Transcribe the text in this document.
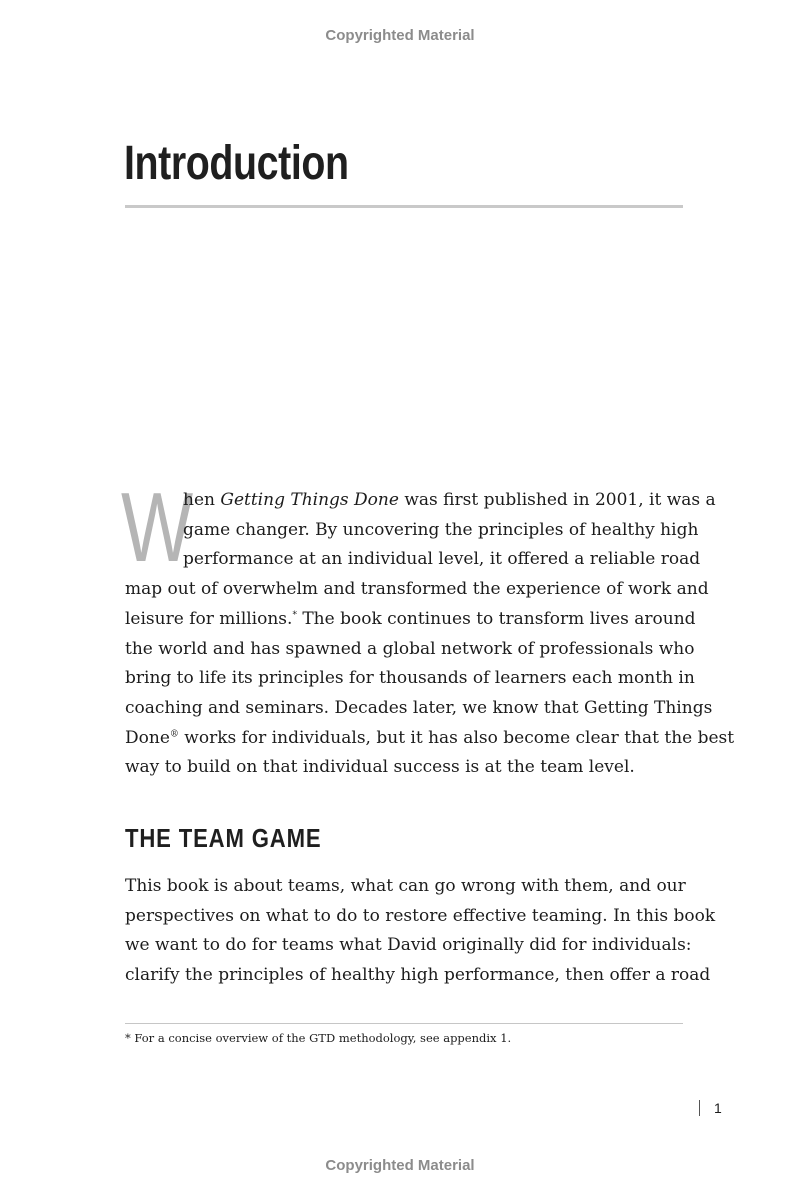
Copyrighted Material
Introduction
W

hen Getting Things Done was first published in 2001, it was a
game changer. By uncovering the principles of healthy high
performance at an individual level, it offered a reliable road
map out of overwhelm and transformed the experience of work and
leisure for millions.* The book continues to transform lives around
the world and has spawned a global network of professionals who
bring to life its principles for thousands of learners each month in
coaching and seminars. Decades later, we know that Getting Things
Done® works for individuals, but it has also become clear that the best
way to build on that individual success is at the team level.

THE TEAM GAME

This book is about teams, what can go wrong with them, and our
perspectives on what to do to restore effective teaming. In this book
we want to do for teams what David originally did for individuals:
clarify the principles of healthy high performance, then offer a road

* For a concise overview of the GTD methodology, see appendix 1.
1
Copyrighted Material
